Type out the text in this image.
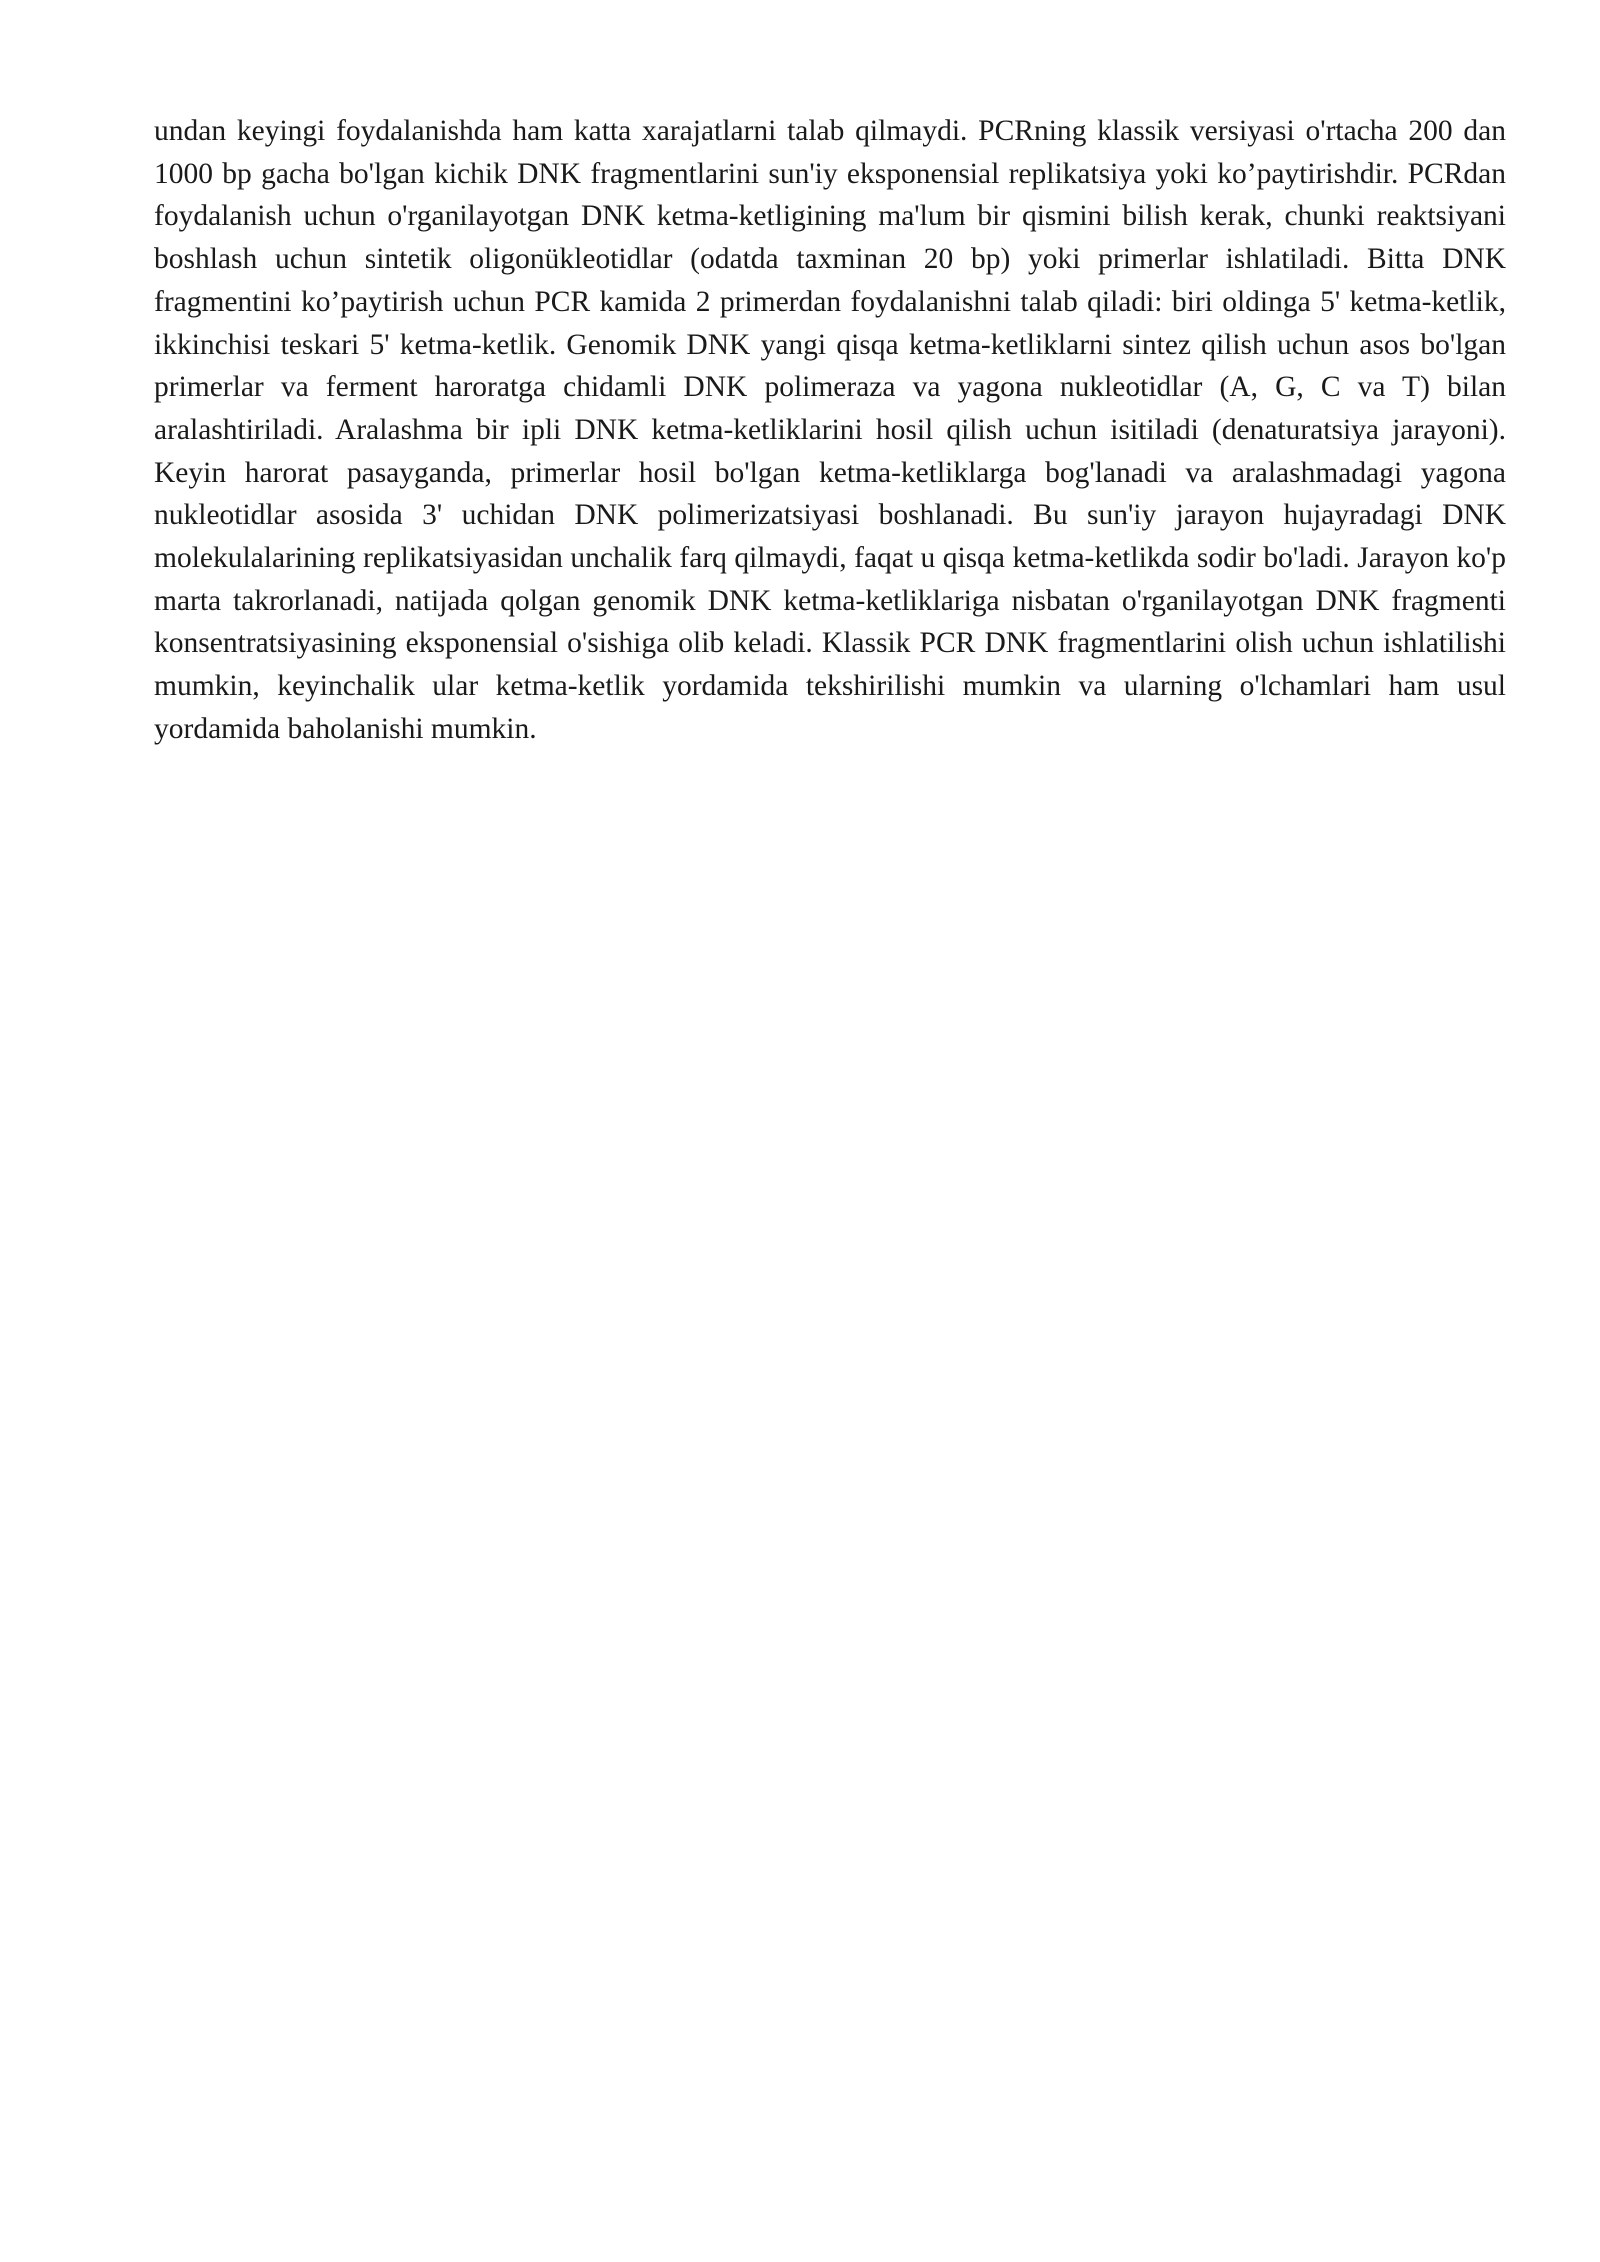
undan keyingi foydalanishda ham katta xarajatlarni talab qilmaydi. PCRning klassik versiyasi o'rtacha 200 dan 1000 bp gacha bo'lgan kichik DNK fragmentlarini sun'iy eksponensial replikatsiya yoki ko’paytirishdir. PCRdan foydalanish uchun o'rganilayotgan DNK ketma-ketligining ma'lum bir qismini bilish kerak, chunki reaktsiyani boshlash uchun sintetik oligonükleotidlar (odatda taxminan 20 bp) yoki primerlar ishlatiladi. Bitta DNK fragmentini ko’paytirish uchun PCR kamida 2 primerdan foydalanishni talab qiladi: biri oldinga 5' ketma-ketlik, ikkinchisi teskari 5' ketma-ketlik. Genomik DNK yangi qisqa ketma-ketliklarni sintez qilish uchun asos bo'lgan primerlar va ferment haroratga chidamli DNK polimeraza va yagona nukleotidlar (A, G, C va T) bilan aralashtiriladi. Aralashma bir ipli DNK ketma-ketliklarini hosil qilish uchun isitiladi (denaturatsiya jarayoni). Keyin harorat pasayganda, primerlar hosil bo'lgan ketma-ketliklarga bog'lanadi va aralashmadagi yagona nukleotidlar asosida 3' uchidan DNK polimerizatsiyasi boshlanadi. Bu sun'iy jarayon hujayradagi DNK molekulalarining replikatsiyasidan unchalik farq qilmaydi, faqat u qisqa ketma-ketlikda sodir bo'ladi. Jarayon ko'p marta takrorlanadi, natijada qolgan genomik DNK ketma-ketliklariga nisbatan o'rganilayotgan DNK fragmenti konsentratsiyasining eksponensial o'sishiga olib keladi. Klassik PCR DNK fragmentlarini olish uchun ishlatilishi mumkin, keyinchalik ular ketma-ketlik yordamida tekshirilishi mumkin va ularning o'lchamlari ham usul yordamida baholanishi mumkin.
